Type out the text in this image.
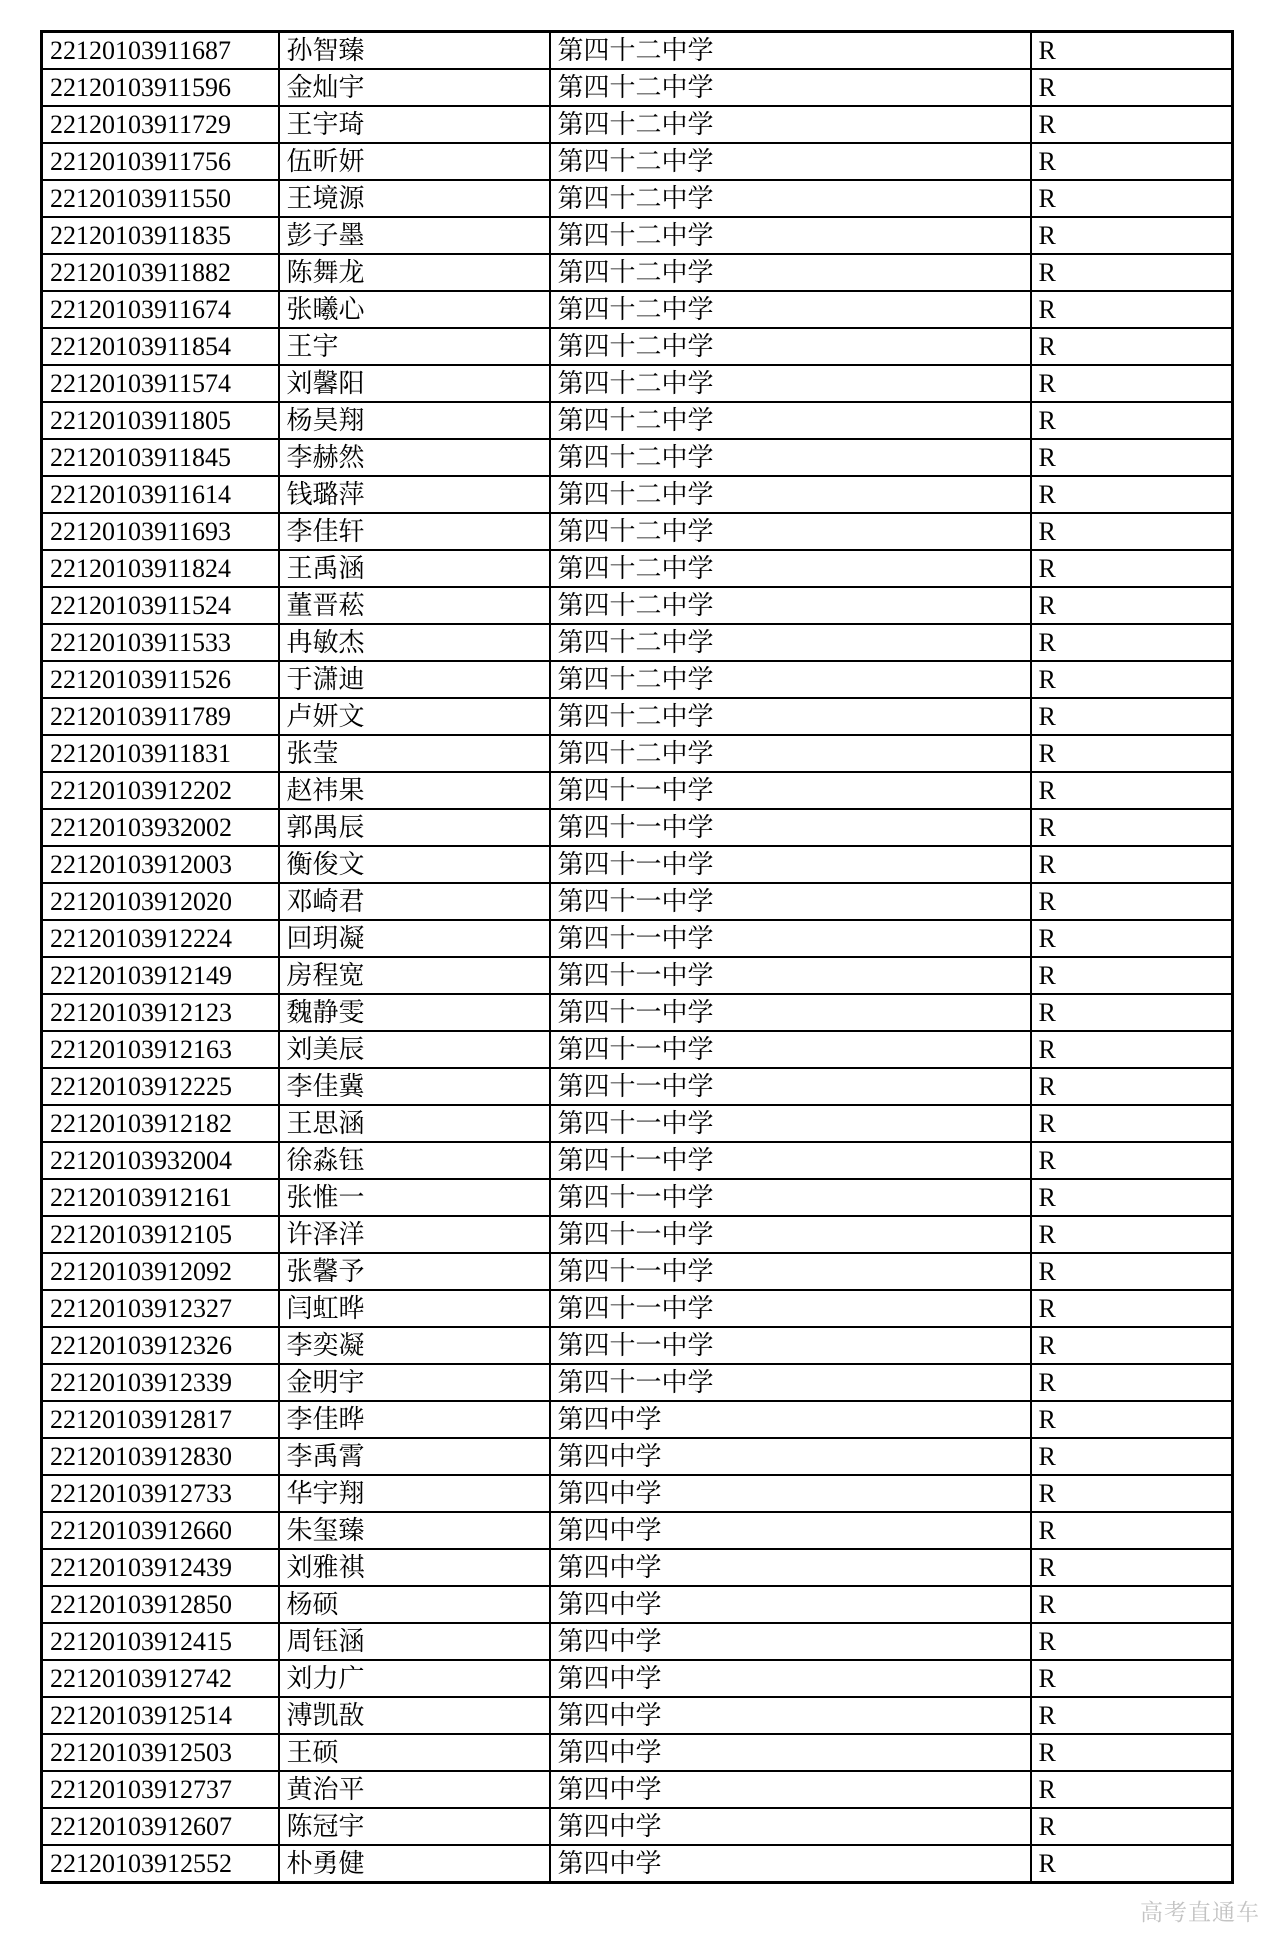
22120103911687	孙智臻	第四十二中学	R
22120103911596	金灿宇	第四十二中学	R
22120103911729	王宇琦	第四十二中学	R
22120103911756	伍昕妍	第四十二中学	R
22120103911550	王境源	第四十二中学	R
22120103911835	彭子墨	第四十二中学	R
22120103911882	陈舞龙	第四十二中学	R
22120103911674	张曦心	第四十二中学	R
22120103911854	王宇	第四十二中学	R
22120103911574	刘馨阳	第四十二中学	R
22120103911805	杨昊翔	第四十二中学	R
22120103911845	李赫然	第四十二中学	R
22120103911614	钱璐萍	第四十二中学	R
22120103911693	李佳轩	第四十二中学	R
22120103911824	王禹涵	第四十二中学	R
22120103911524	董晋菘	第四十二中学	R
22120103911533	冉敏杰	第四十二中学	R
22120103911526	于潇迪	第四十二中学	R
22120103911789	卢妍文	第四十二中学	R
22120103911831	张莹	第四十二中学	R
22120103912202	赵祎果	第四十一中学	R
22120103932002	郭禺辰	第四十一中学	R
22120103912003	衡俊文	第四十一中学	R
22120103912020	邓崎君	第四十一中学	R
22120103912224	回玥凝	第四十一中学	R
22120103912149	房程宽	第四十一中学	R
22120103912123	魏静雯	第四十一中学	R
22120103912163	刘美辰	第四十一中学	R
22120103912225	李佳冀	第四十一中学	R
22120103912182	王思涵	第四十一中学	R
22120103932004	徐淼钰	第四十一中学	R
22120103912161	张惟一	第四十一中学	R
22120103912105	许泽洋	第四十一中学	R
22120103912092	张馨予	第四十一中学	R
22120103912327	闫虹晔	第四十一中学	R
22120103912326	李奕凝	第四十一中学	R
22120103912339	金明宇	第四十一中学	R
22120103912817	李佳晔	第四中学	R
22120103912830	李禹霄	第四中学	R
22120103912733	华宇翔	第四中学	R
22120103912660	朱玺臻	第四中学	R
22120103912439	刘雅祺	第四中学	R
22120103912850	杨硕	第四中学	R
22120103912415	周钰涵	第四中学	R
22120103912742	刘力广	第四中学	R
22120103912514	溥凯敔	第四中学	R
22120103912503	王硕	第四中学	R
22120103912737	黄治平	第四中学	R
22120103912607	陈冠宇	第四中学	R
22120103912552	朴勇健	第四中学	R
高考直通车
